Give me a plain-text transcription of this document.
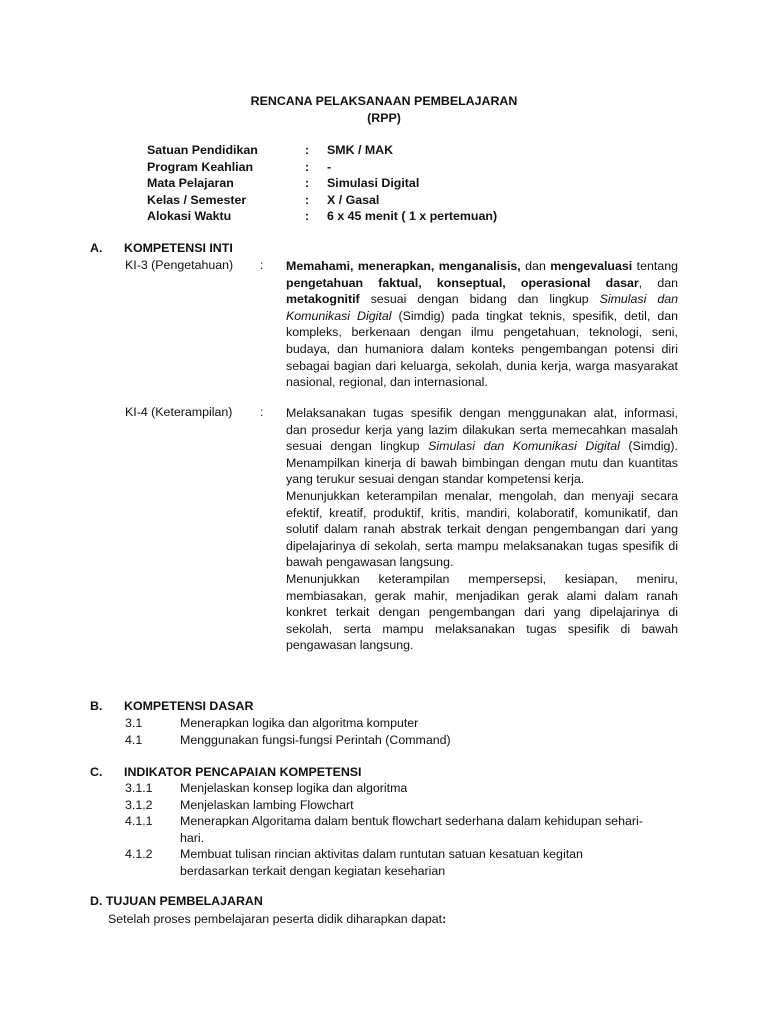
RENCANA PELAKSANAAN PEMBELAJARAN
(RPP)
Satuan Pendidikan	:	SMK / MAK
Program Keahlian	:	-
Mata Pelajaran	:	Simulasi Digital
Kelas / Semester	:	X / Gasal
Alokasi Waktu	:	6 x 45 menit ( 1 x pertemuan)
A. KOMPETENSI INTI
KI-3 (Pengetahuan) : Memahami, menerapkan, menganalisis, dan mengevaluasi tentang pengetahuan faktual, konseptual, operasional dasar, dan metakognitif sesuai dengan bidang dan lingkup Simulasi dan Komunikasi Digital (Simdig) pada tingkat teknis, spesifik, detil, dan kompleks, berkenaan dengan ilmu pengetahuan, teknologi, seni, budaya, dan humaniora dalam konteks pengembangan potensi diri sebagai bagian dari keluarga, sekolah, dunia kerja, warga masyarakat nasional, regional, dan internasional.

KI-4 (Keterampilan) : Melaksanakan tugas spesifik dengan menggunakan alat, informasi, dan prosedur kerja yang lazim dilakukan serta memecahkan masalah sesuai dengan lingkup Simulasi dan Komunikasi Digital (Simdig). Menampilkan kinerja di bawah bimbingan dengan mutu dan kuantitas yang terukur sesuai dengan standar kompetensi kerja.

Menunjukkan keterampilan menalar, mengolah, dan menyaji secara efektif, kreatif, produktif, kritis, mandiri, kolaboratif, komunikatif, dan solutif dalam ranah abstrak terkait dengan pengembangan dari yang dipelajarinya di sekolah, serta mampu melaksanakan tugas spesifik di bawah pengawasan langsung.

Menunjukkan keterampilan mempersepsi, kesiapan, meniru, membiasakan, gerak mahir, menjadikan gerak alami dalam ranah konkret terkait dengan pengembangan dari yang dipelajarinya di sekolah, serta mampu melaksanakan tugas spesifik di bawah pengawasan langsung.

B. KOMPETENSI DASAR
3.1	Menerapkan logika dan algoritma komputer
4.1	Menggunakan fungsi-fungsi Perintah (Command)
C. INDIKATOR PENCAPAIAN KOMPETENSI
3.1.1	Menjelaskan konsep logika dan algoritma
3.1.2	Menjelaskan lambing Flowchart
4.1.1	Menerapkan Algoritama dalam bentuk flowchart sederhana dalam kehidupan sehari-hari.
4.1.2	Membuat tulisan rincian aktivitas dalam runtutan satuan kesatuan kegitan berdasarkan terkait dengan kegiatan keseharian
D. TUJUAN PEMBELAJARAN
Setelah proses pembelajaran peserta didik diharapkan dapat:
